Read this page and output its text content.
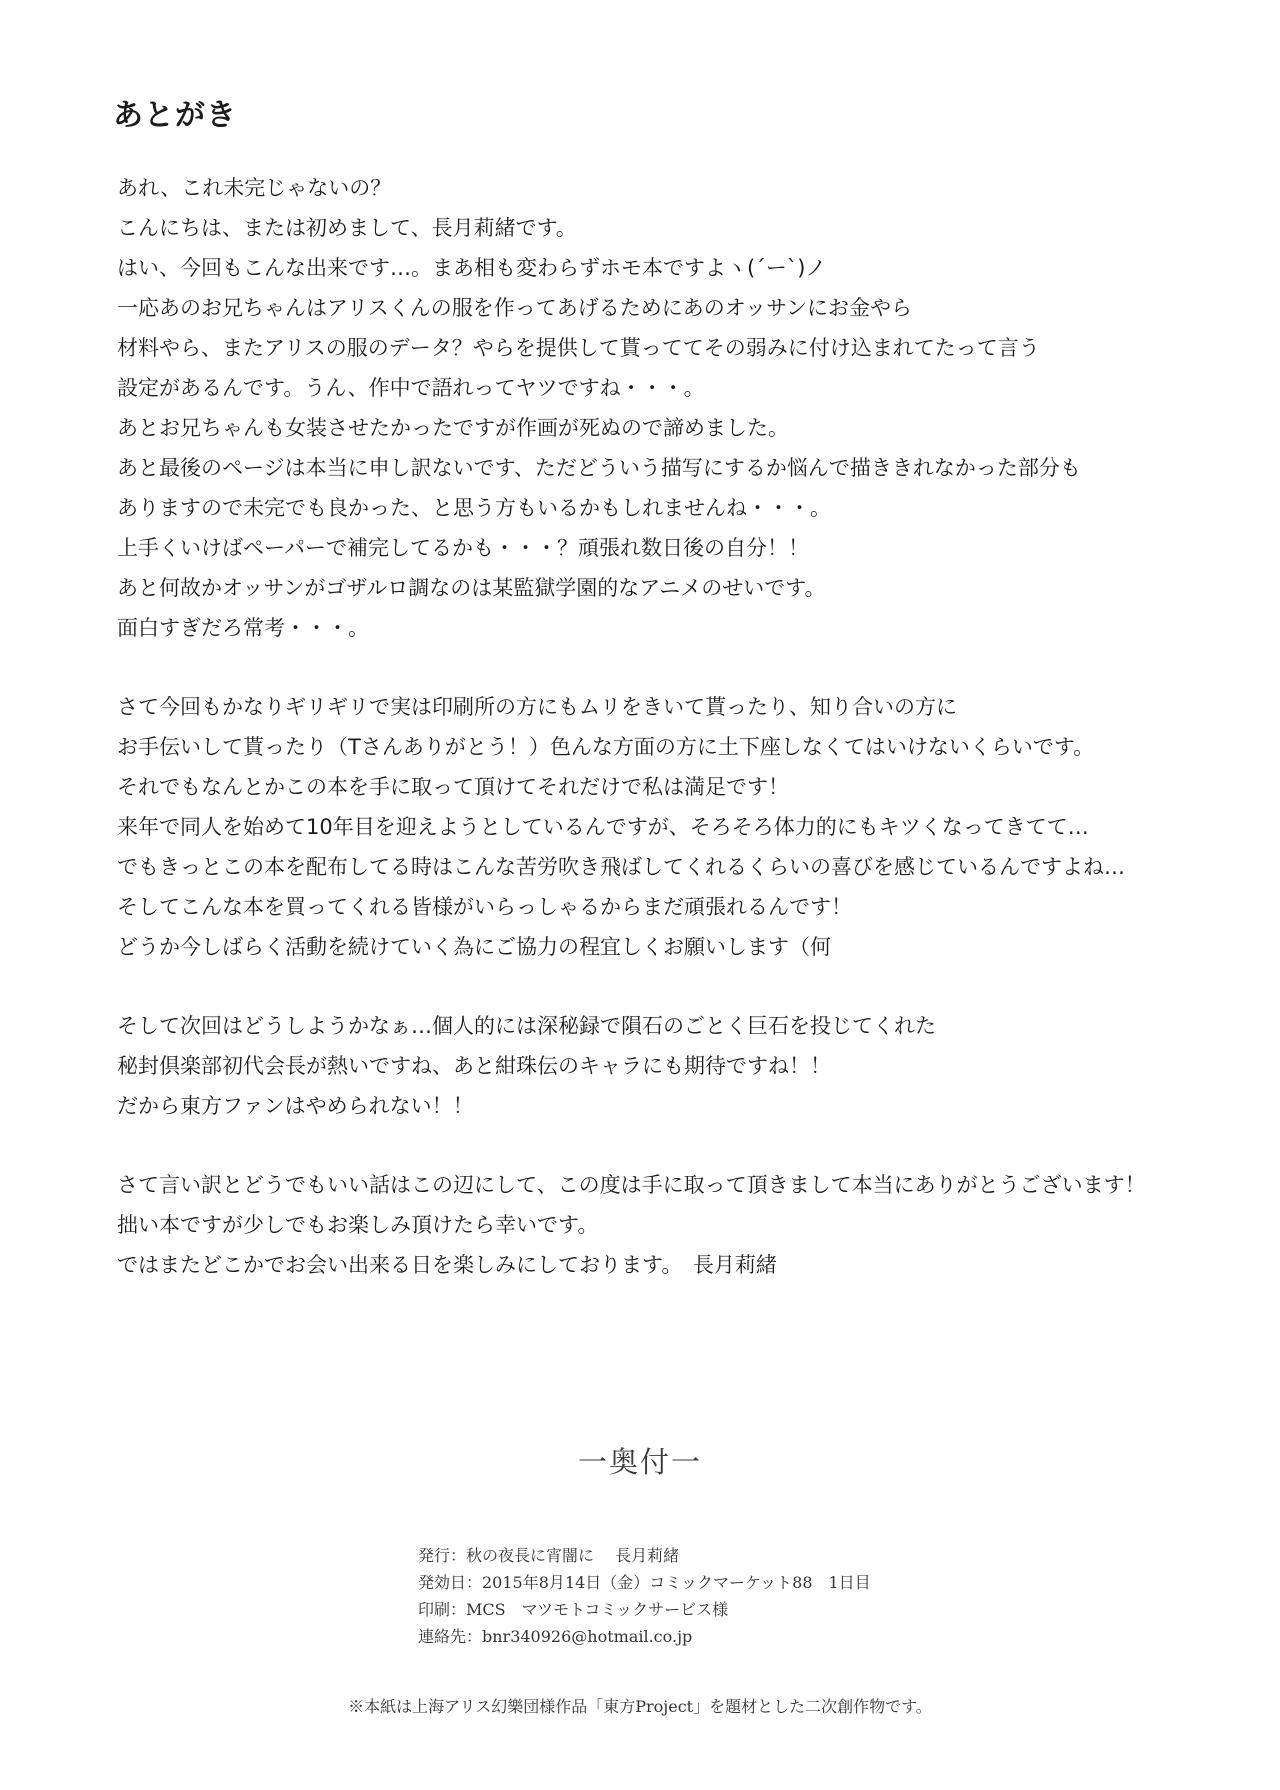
あとがき
あれ、これ未完じゃないの？
こんにちは、または初めまして、長月莉緒です。
はい、今回もこんな出来です…。まあ相も変わらずホモ本ですよヽ(´ー`)ノ
一応あのお兄ちゃんはアリスくんの服を作ってあげるためにあのオッサンにお金やら
材料やら、またアリスの服のデータ？やらを提供して貰っててその弱みに付け込まれてたって言う
設定があるんです。うん、作中で語れってヤツですね・・・。
あとお兄ちゃんも女装させたかったですが作画が死ぬので諦めました。
あと最後のページは本当に申し訳ないです、ただどういう描写にするか悩んで描ききれなかった部分も
ありますので未完でも良かった、と思う方もいるかもしれませんね・・・。
上手くいけばペーパーで補完してるかも・・・？頑張れ数日後の自分！！
あと何故かオッサンがゴザルロ調なのは某監獄学園的なアニメのせいです。
面白すぎだろ常考・・・。
さて今回もかなりギリギリで実は印刷所の方にもムリをきいて貰ったり、知り合いの方に
お手伝いして貰ったり（Tさんありがとう！）色んな方面の方に土下座しなくてはいけないくらいです。
それでもなんとかこの本を手に取って頂けてそれだけで私は満足です！
来年で同人を始めて10年目を迎えようとしているんですが、そろそろ体力的にもキツくなってきてて…
でもきっとこの本を配布してる時はこんな苦労吹き飛ばしてくれるくらいの喜びを感じているんですよね…
そしてこんな本を買ってくれる皆様がいらっしゃるからまだ頑張れるんです！
どうか今しばらく活動を続けていく為にご協力の程宜しくお願いします（何
そして次回はどうしようかなぁ…個人的には深秘録で隕石のごとく巨石を投じてくれた
秘封倶楽部初代会長が熱いですね、あと紺珠伝のキャラにも期待ですね！！
だから東方ファンはやめられない！！
さて言い訳とどうでもいい話はこの辺にして、この度は手に取って頂きまして本当にありがとうございます！
拙い本ですが少しでもお楽しみ頂けたら幸いです。
ではまたどこかでお会い出来る日を楽しみにしております。　長月莉緒
一奥付一
発行：秋の夜長に宵闇に　 長月莉緒
発効日：2015年8月14日（金）コミックマーケット88　1日目
印刷：MCS　マツモトコミックサービス様
連絡先：bnr340926@hotmail.co.jp
※本紙は上海アリス幻樂団様作品「東方Project」を題材とした二次創作物です。
